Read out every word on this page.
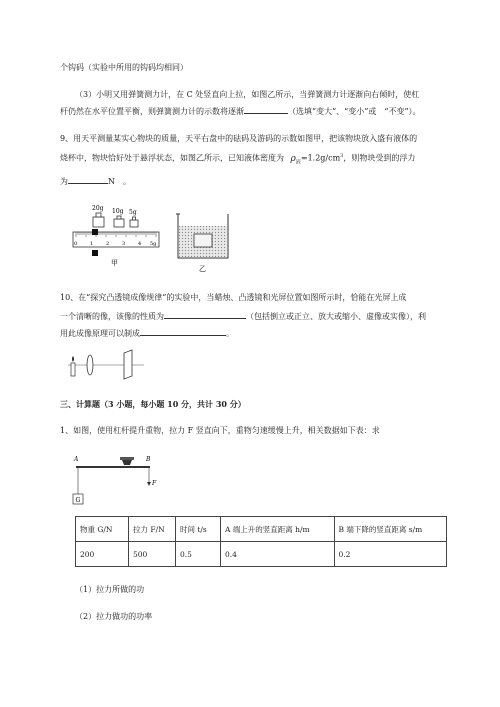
个钩码（实验中所用的钩码均相同）
（3）小明又用弹簧测力计，在 C 处竖直向上拉，如图乙所示，当弹簧测力计逐渐向右倾时，使杠
杆仍然在水平位置平衡，则弹簧测力计的示数将逐渐	（选填“变大”、“变小”或　“不变”）。
9、用天平测量某实心物块的质量，天平右盘中的砝码及游码的示数如图甲，把该物块放入盛有液体的
烧杯中，物块恰好处于悬浮状态，如图乙所示，已知液体密度为 $\rho_液=1.2g/cm^3$，则物块受到的浮力
为	N　。
20g 10g 5g
0	1	2	3	4 5g
甲
乙
10、在“探究凸透镜成像规律”的实验中，当蜡烛、凸透镜和光屏位置如图所示时，恰能在光屏上成
一个清晰的像，该像的性质为	（包括倒立或正立、放大或缩小、虚像或实像），利
用此成像原理可以制成	。
三、计算题（3 小题，每小题 10 分，共计 30 分）
1、如图，使用杠杆提升重物，拉力 F 竖直向下，重物匀速缓慢上升，相关数据如下表：求
A	B
G
F
物重 G/N	拉力 F/N	时间 t/s	A 端上升的竖直距离 h/m	B 端下降的竖直距离 s/m
200	500	0.5	0.4	0.2
（1）拉力所做的功
（2）拉力做功的功率
